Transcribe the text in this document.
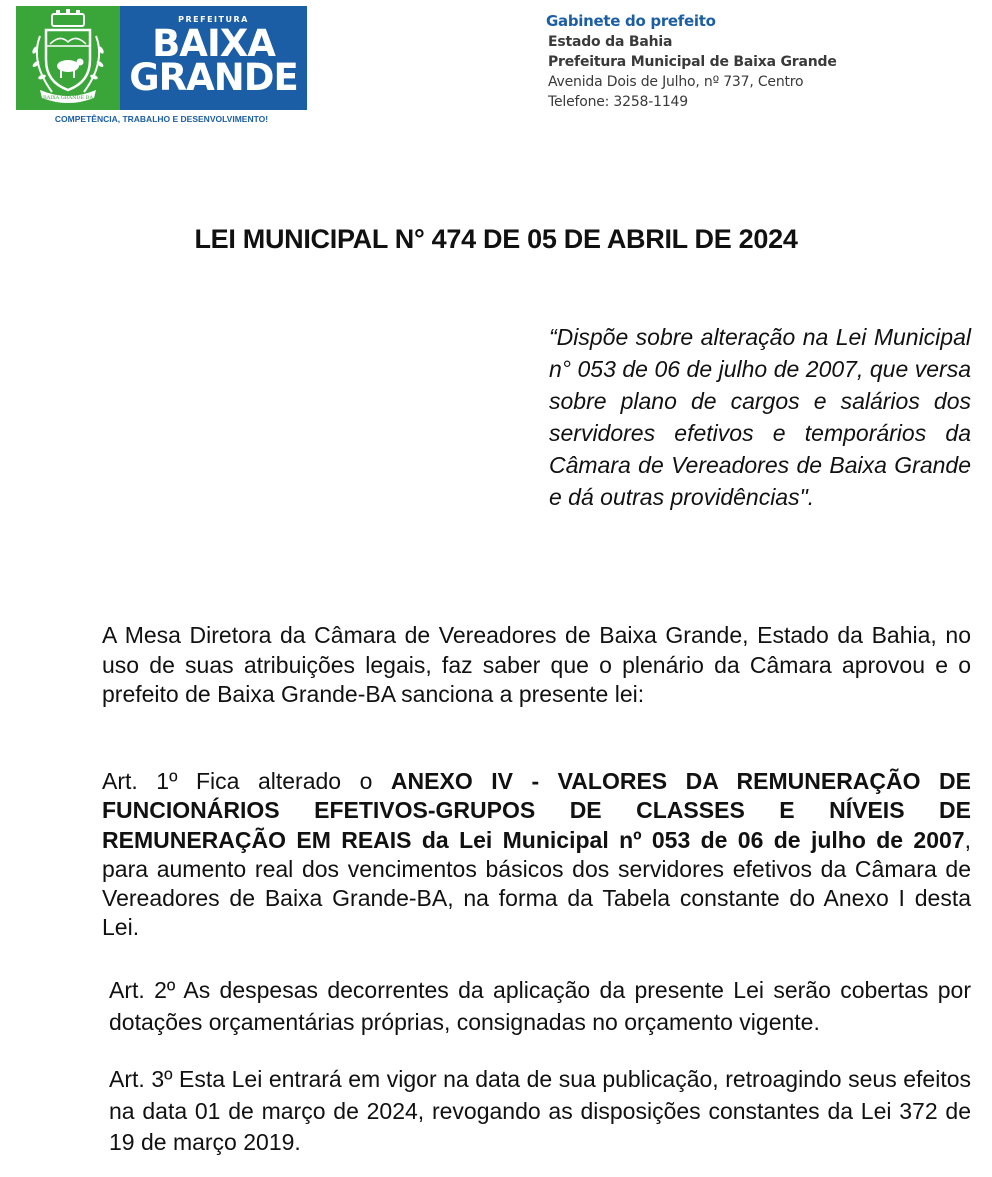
BAIXA GRANDE BA
PREFEITURA
BAIXA
GRANDE
COMPETÊNCIA, TRABALHO E DESENVOLVIMENTO!
Gabinete do prefeito
Estado da Bahia
Prefeitura Municipal de Baixa Grande
Avenida Dois de Julho, nº 737, Centro
Telefone: 3258-1149
LEI MUNICIPAL N° 474 DE 05 DE ABRIL DE 2024
“Dispõe sobre alteração na Lei Municipal n° 053 de 06 de julho de 2007, que versa sobre plano de cargos e salários dos servidores efetivos e temporários da Câmara de Vereadores de Baixa Grande e dá outras providências".
A Mesa Diretora da Câmara de Vereadores de Baixa Grande, Estado da Bahia, no uso de suas atribuições legais, faz saber que o plenário da Câmara aprovou e o prefeito de Baixa Grande-BA sanciona a presente lei:
Art. 1º Fica alterado o ANEXO IV - VALORES DA REMUNERAÇÃO DE FUNCIONÁRIOS EFETIVOS-GRUPOS DE CLASSES E NÍVEIS DE REMUNERAÇÃO EM REAIS da Lei Municipal nº 053 de 06 de julho de 2007, para aumento real dos vencimentos básicos dos servidores efetivos da Câmara de Vereadores de Baixa Grande-BA, na forma da Tabela constante do Anexo I desta Lei.
Art. 2º As despesas decorrentes da aplicação da presente Lei serão cobertas por dotações orçamentárias próprias, consignadas no orçamento vigente.
Art. 3º Esta Lei entrará em vigor na data de sua publicação, retroagindo seus efeitos na data 01 de março de 2024, revogando as disposições constantes da Lei 372 de 19 de março 2019.
